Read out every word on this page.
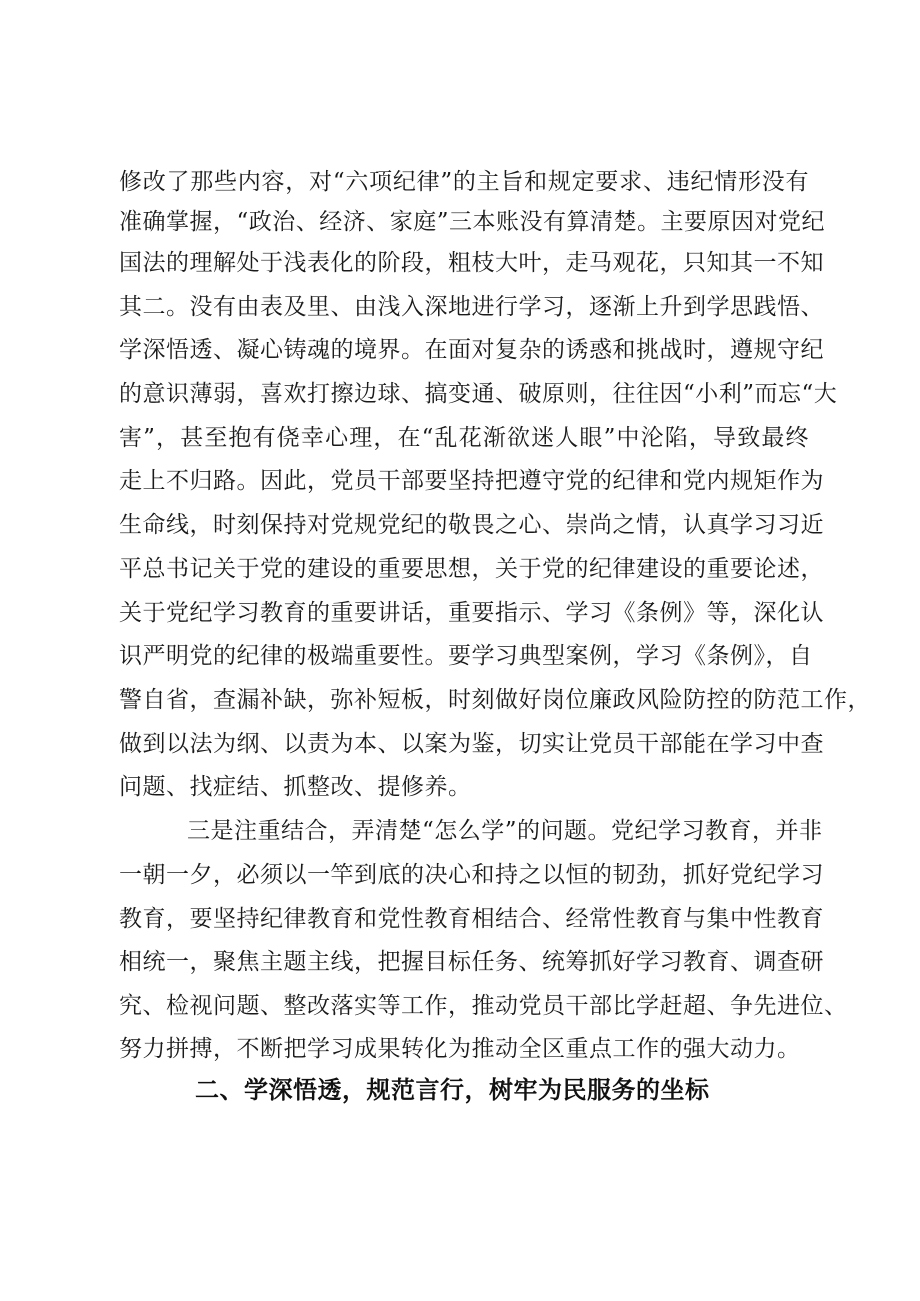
修改了那些内容，对“六项纪律”的主旨和规定要求、违纪情形没有
准确掌握，“政治、经济、家庭”三本账没有算清楚。主要原因对党纪
国法的理解处于浅表化的阶段，粗枝大叶，走马观花，只知其一不知
其二。没有由表及里、由浅入深地进行学习，逐渐上升到学思践悟、
学深悟透、凝心铸魂的境界。在面对复杂的诱惑和挑战时，遵规守纪
的意识薄弱，喜欢打擦边球、搞变通、破原则，往往因“小利”而忘“大
害”，甚至抱有侥幸心理，在“乱花渐欲迷人眼”中沦陷，导致最终
走上不归路。因此，党员干部要坚持把遵守党的纪律和党内规矩作为
生命线，时刻保持对党规党纪的敬畏之心、崇尚之情，认真学习习近
平总书记关于党的建设的重要思想，关于党的纪律建设的重要论述，
关于党纪学习教育的重要讲话，重要指示、学习《条例》等，深化认
识严明党的纪律的极端重要性。要学习典型案例，学习《条例》，自
警自省，查漏补缺，弥补短板，时刻做好岗位廉政风险防控的防范工作，
做到以法为纲、以责为本、以案为鉴，切实让党员干部能在学习中查
问题、找症结、抓整改、提修养。
三是注重结合，弄清楚“怎么学”的问题。党纪学习教育，并非
一朝一夕，必须以一竿到底的决心和持之以恒的韧劲，抓好党纪学习
教育，要坚持纪律教育和党性教育相结合、经常性教育与集中性教育
相统一，聚焦主题主线，把握目标任务、统筹抓好学习教育、调查研
究、检视问题、整改落实等工作，推动党员干部比学赶超、争先进位、
努力拼搏，不断把学习成果转化为推动全区重点工作的强大动力。
二、学深悟透，规范言行，树牢为民服务的坐标
